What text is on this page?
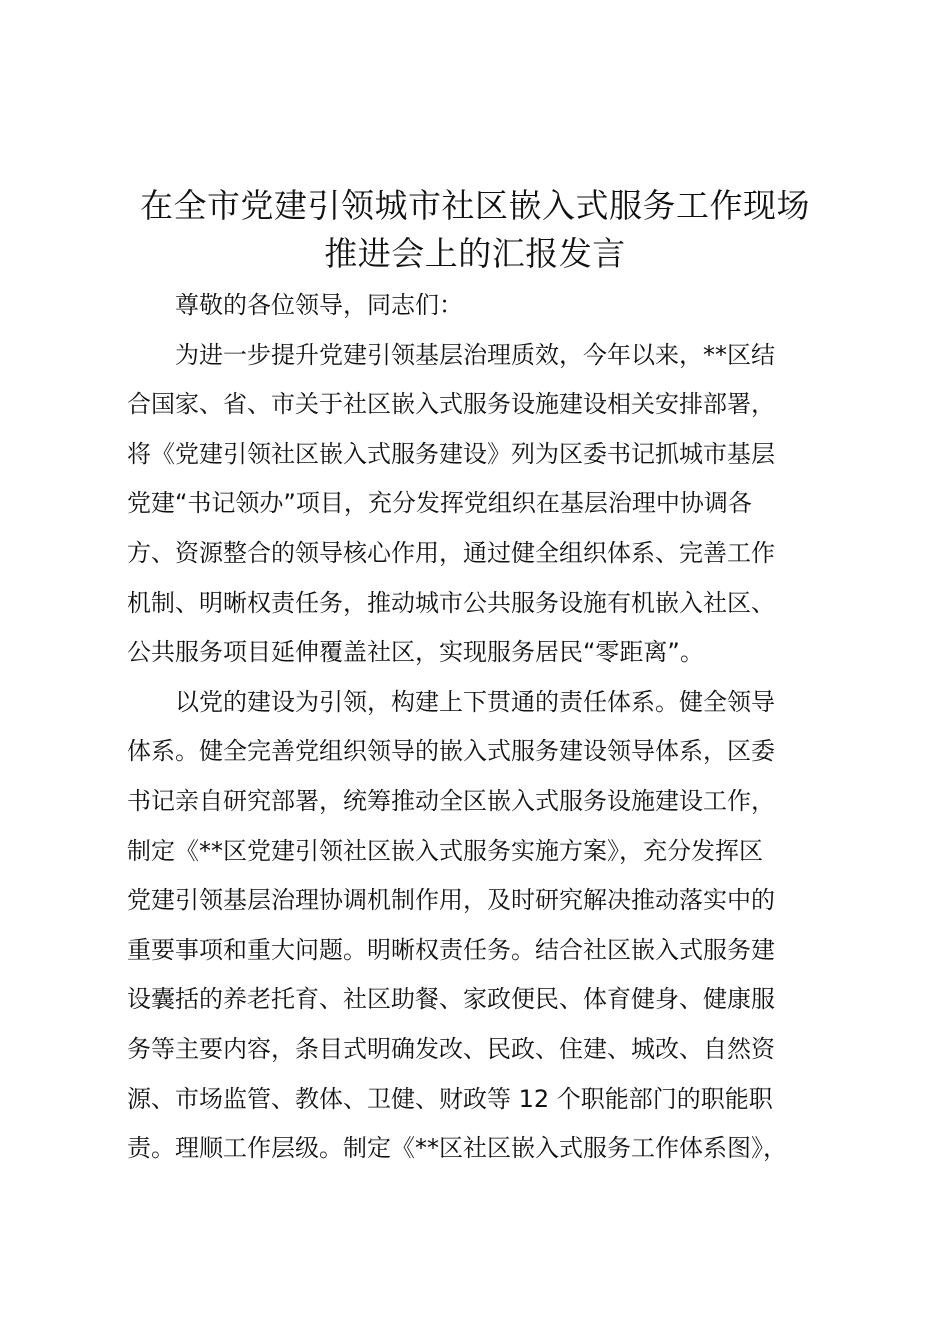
在全市党建引领城市社区嵌入式服务工作现场
推进会上的汇报发言
　　尊敬的各位领导，同志们：
　　为进一步提升党建引领基层治理质效，今年以来，**区结
合国家、省、市关于社区嵌入式服务设施建设相关安排部署，
将《党建引领社区嵌入式服务建设》列为区委书记抓城市基层
党建“书记领办”项目，充分发挥党组织在基层治理中协调各
方、资源整合的领导核心作用，通过健全组织体系、完善工作
机制、明晰权责任务，推动城市公共服务设施有机嵌入社区、
公共服务项目延伸覆盖社区，实现服务居民“零距离”。
　　以党的建设为引领，构建上下贯通的责任体系。健全领导
体系。健全完善党组织领导的嵌入式服务建设领导体系，区委
书记亲自研究部署，统筹推动全区嵌入式服务设施建设工作，
制定《**区党建引领社区嵌入式服务实施方案》，充分发挥区
党建引领基层治理协调机制作用，及时研究解决推动落实中的
重要事项和重大问题。明晰权责任务。结合社区嵌入式服务建
设囊括的养老托育、社区助餐、家政便民、体育健身、健康服
务等主要内容，条目式明确发改、民政、住建、城改、自然资
源、市场监管、教体、卫健、财政等 12 个职能部门的职能职
责。理顺工作层级。制定《**区社区嵌入式服务工作体系图》，
